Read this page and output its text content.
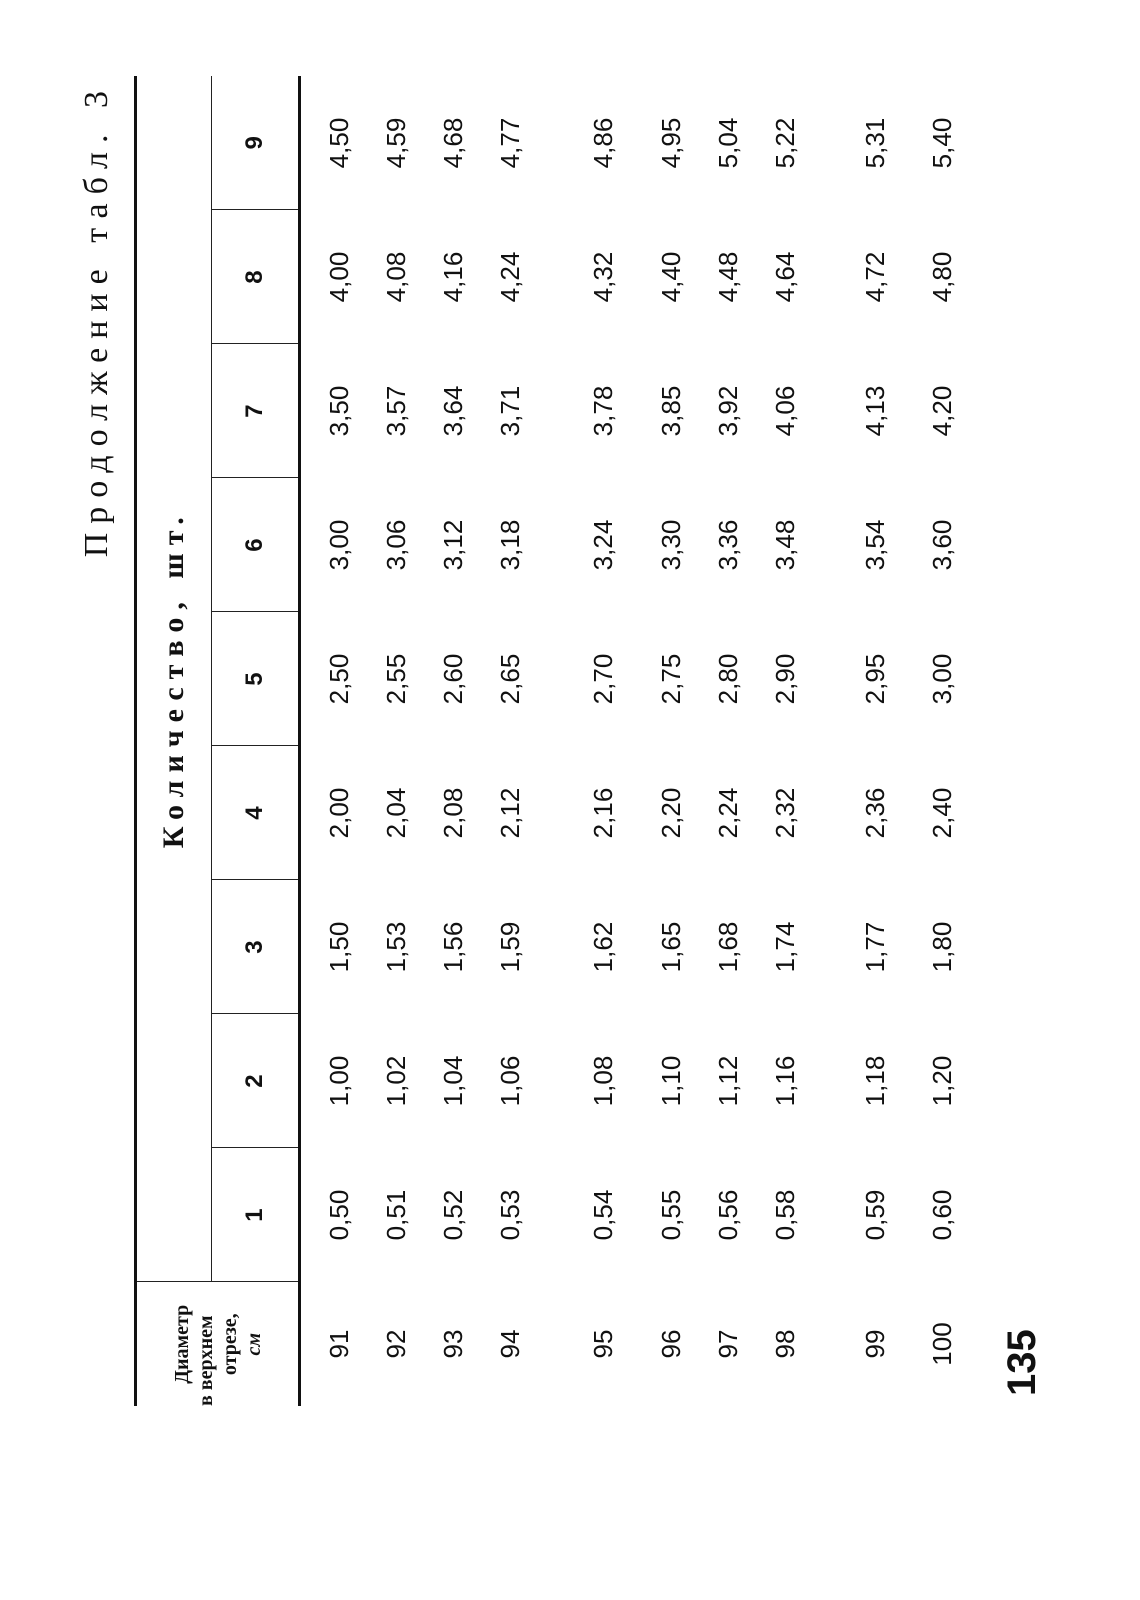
Продолжение табл. 3
Диаметр в верхнем отрезе, см	Количество, шт.								
	1	2	3	4	5	6	7	8	9
91	0,50	1,00	1,50	2,00	2,50	3,00	3,50	4,00	4,50
92	0,51	1,02	1,53	2,04	2,55	3,06	3,57	4,08	4,59
93	0,52	1,04	1,56	2,08	2,60	3,12	3,64	4,16	4,68
94	0,53	1,06	1,59	2,12	2,65	3,18	3,71	4,24	4,77
95	0,54	1,08	1,62	2,16	2,70	3,24	3,78	4,32	4,86
96	0,55	1,10	1,65	2,20	2,75	3,30	3,85	4,40	4,95
97	0,56	1,12	1,68	2,24	2,80	3,36	3,92	4,48	5,04
98	0,58	1,16	1,74	2,32	2,90	3,48	4,06	4,64	5,22
99	0,59	1,18	1,77	2,36	2,95	3,54	4,13	4,72	5,31
100	0,60	1,20	1,80	2,40	3,00	3,60	4,20	4,80	5,40
135
